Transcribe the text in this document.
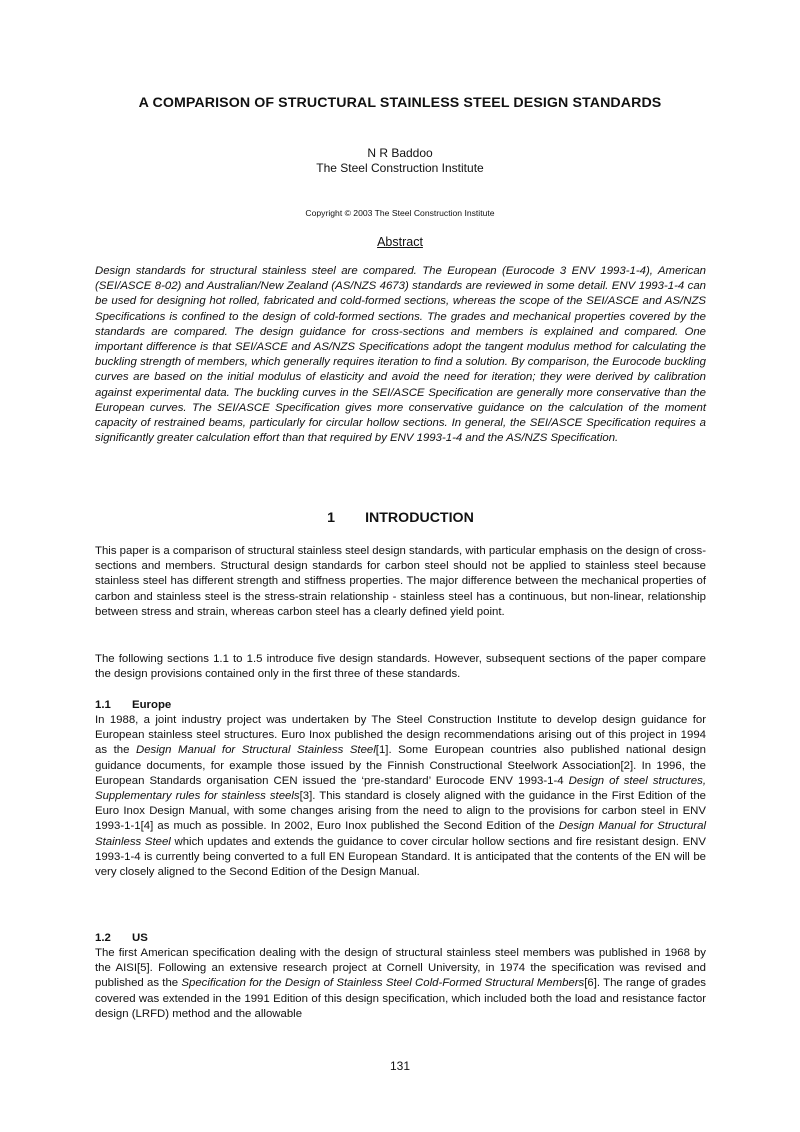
A COMPARISON OF STRUCTURAL STAINLESS STEEL DESIGN STANDARDS
N R Baddoo
The Steel Construction Institute
Copyright © 2003 The Steel Construction Institute
Abstract

Design standards for structural stainless steel are compared. The European (Eurocode 3 ENV 1993-1-4), American (SEI/ASCE 8-02) and Australian/New Zealand (AS/NZS 4673) standards are reviewed in some detail. ENV 1993-1-4 can be used for designing hot rolled, fabricated and cold-formed sections, whereas the scope of the SEI/ASCE and AS/NZS Specifications is confined to the design of cold-formed sections. The grades and mechanical properties covered by the standards are compared. The design guidance for cross-sections and members is explained and compared. One important difference is that SEI/ASCE and AS/NZS Specifications adopt the tangent modulus method for calculating the buckling strength of members, which generally requires iteration to find a solution. By comparison, the Eurocode buckling curves are based on the initial modulus of elasticity and avoid the need for iteration; they were derived by calibration against experimental data. The buckling curves in the SEI/ASCE Specification are generally more conservative than the European curves. The SEI/ASCE Specification gives more conservative guidance on the calculation of the moment capacity of restrained beams, particularly for circular hollow sections. In general, the SEI/ASCE Specification requires a significantly greater calculation effort than that required by ENV 1993-1-4 and the AS/NZS Specification.

1 INTRODUCTION

This paper is a comparison of structural stainless steel design standards, with particular emphasis on the design of cross-sections and members. Structural design standards for carbon steel should not be applied to stainless steel because stainless steel has different strength and stiffness properties. The major difference between the mechanical properties of carbon and stainless steel is the stress-strain relationship - stainless steel has a continuous, but non-linear, relationship between stress and strain, whereas carbon steel has a clearly defined yield point.

The following sections 1.1 to 1.5 introduce five design standards. However, subsequent sections of the paper compare the design provisions contained only in the first three of these standards.

1.1 Europe

In 1988, a joint industry project was undertaken by The Steel Construction Institute to develop design guidance for European stainless steel structures. Euro Inox published the design recommendations arising out of this project in 1994 as the Design Manual for Structural Stainless Steel[1]. Some European countries also published national design guidance documents, for example those issued by the Finnish Constructional Steelwork Association[2]. In 1996, the European Standards organisation CEN issued the ‘pre-standard’ Eurocode ENV 1993-1-4 Design of steel structures, Supplementary rules for stainless steels[3]. This standard is closely aligned with the guidance in the First Edition of the Euro Inox Design Manual, with some changes arising from the need to align to the provisions for carbon steel in ENV 1993-1-1[4] as much as possible. In 2002, Euro Inox published the Second Edition of the Design Manual for Structural Stainless Steel which updates and extends the guidance to cover circular hollow sections and fire resistant design. ENV 1993-1-4 is currently being converted to a full EN European Standard. It is anticipated that the contents of the EN will be very closely aligned to the Second Edition of the Design Manual.

1.2 US

The first American specification dealing with the design of structural stainless steel members was published in 1968 by the AISI[5]. Following an extensive research project at Cornell University, in 1974 the specification was revised and published as the Specification for the Design of Stainless Steel Cold-Formed Structural Members[6]. The range of grades covered was extended in the 1991 Edition of this design specification, which included both the load and resistance factor design (LRFD) method and the allowable

131
